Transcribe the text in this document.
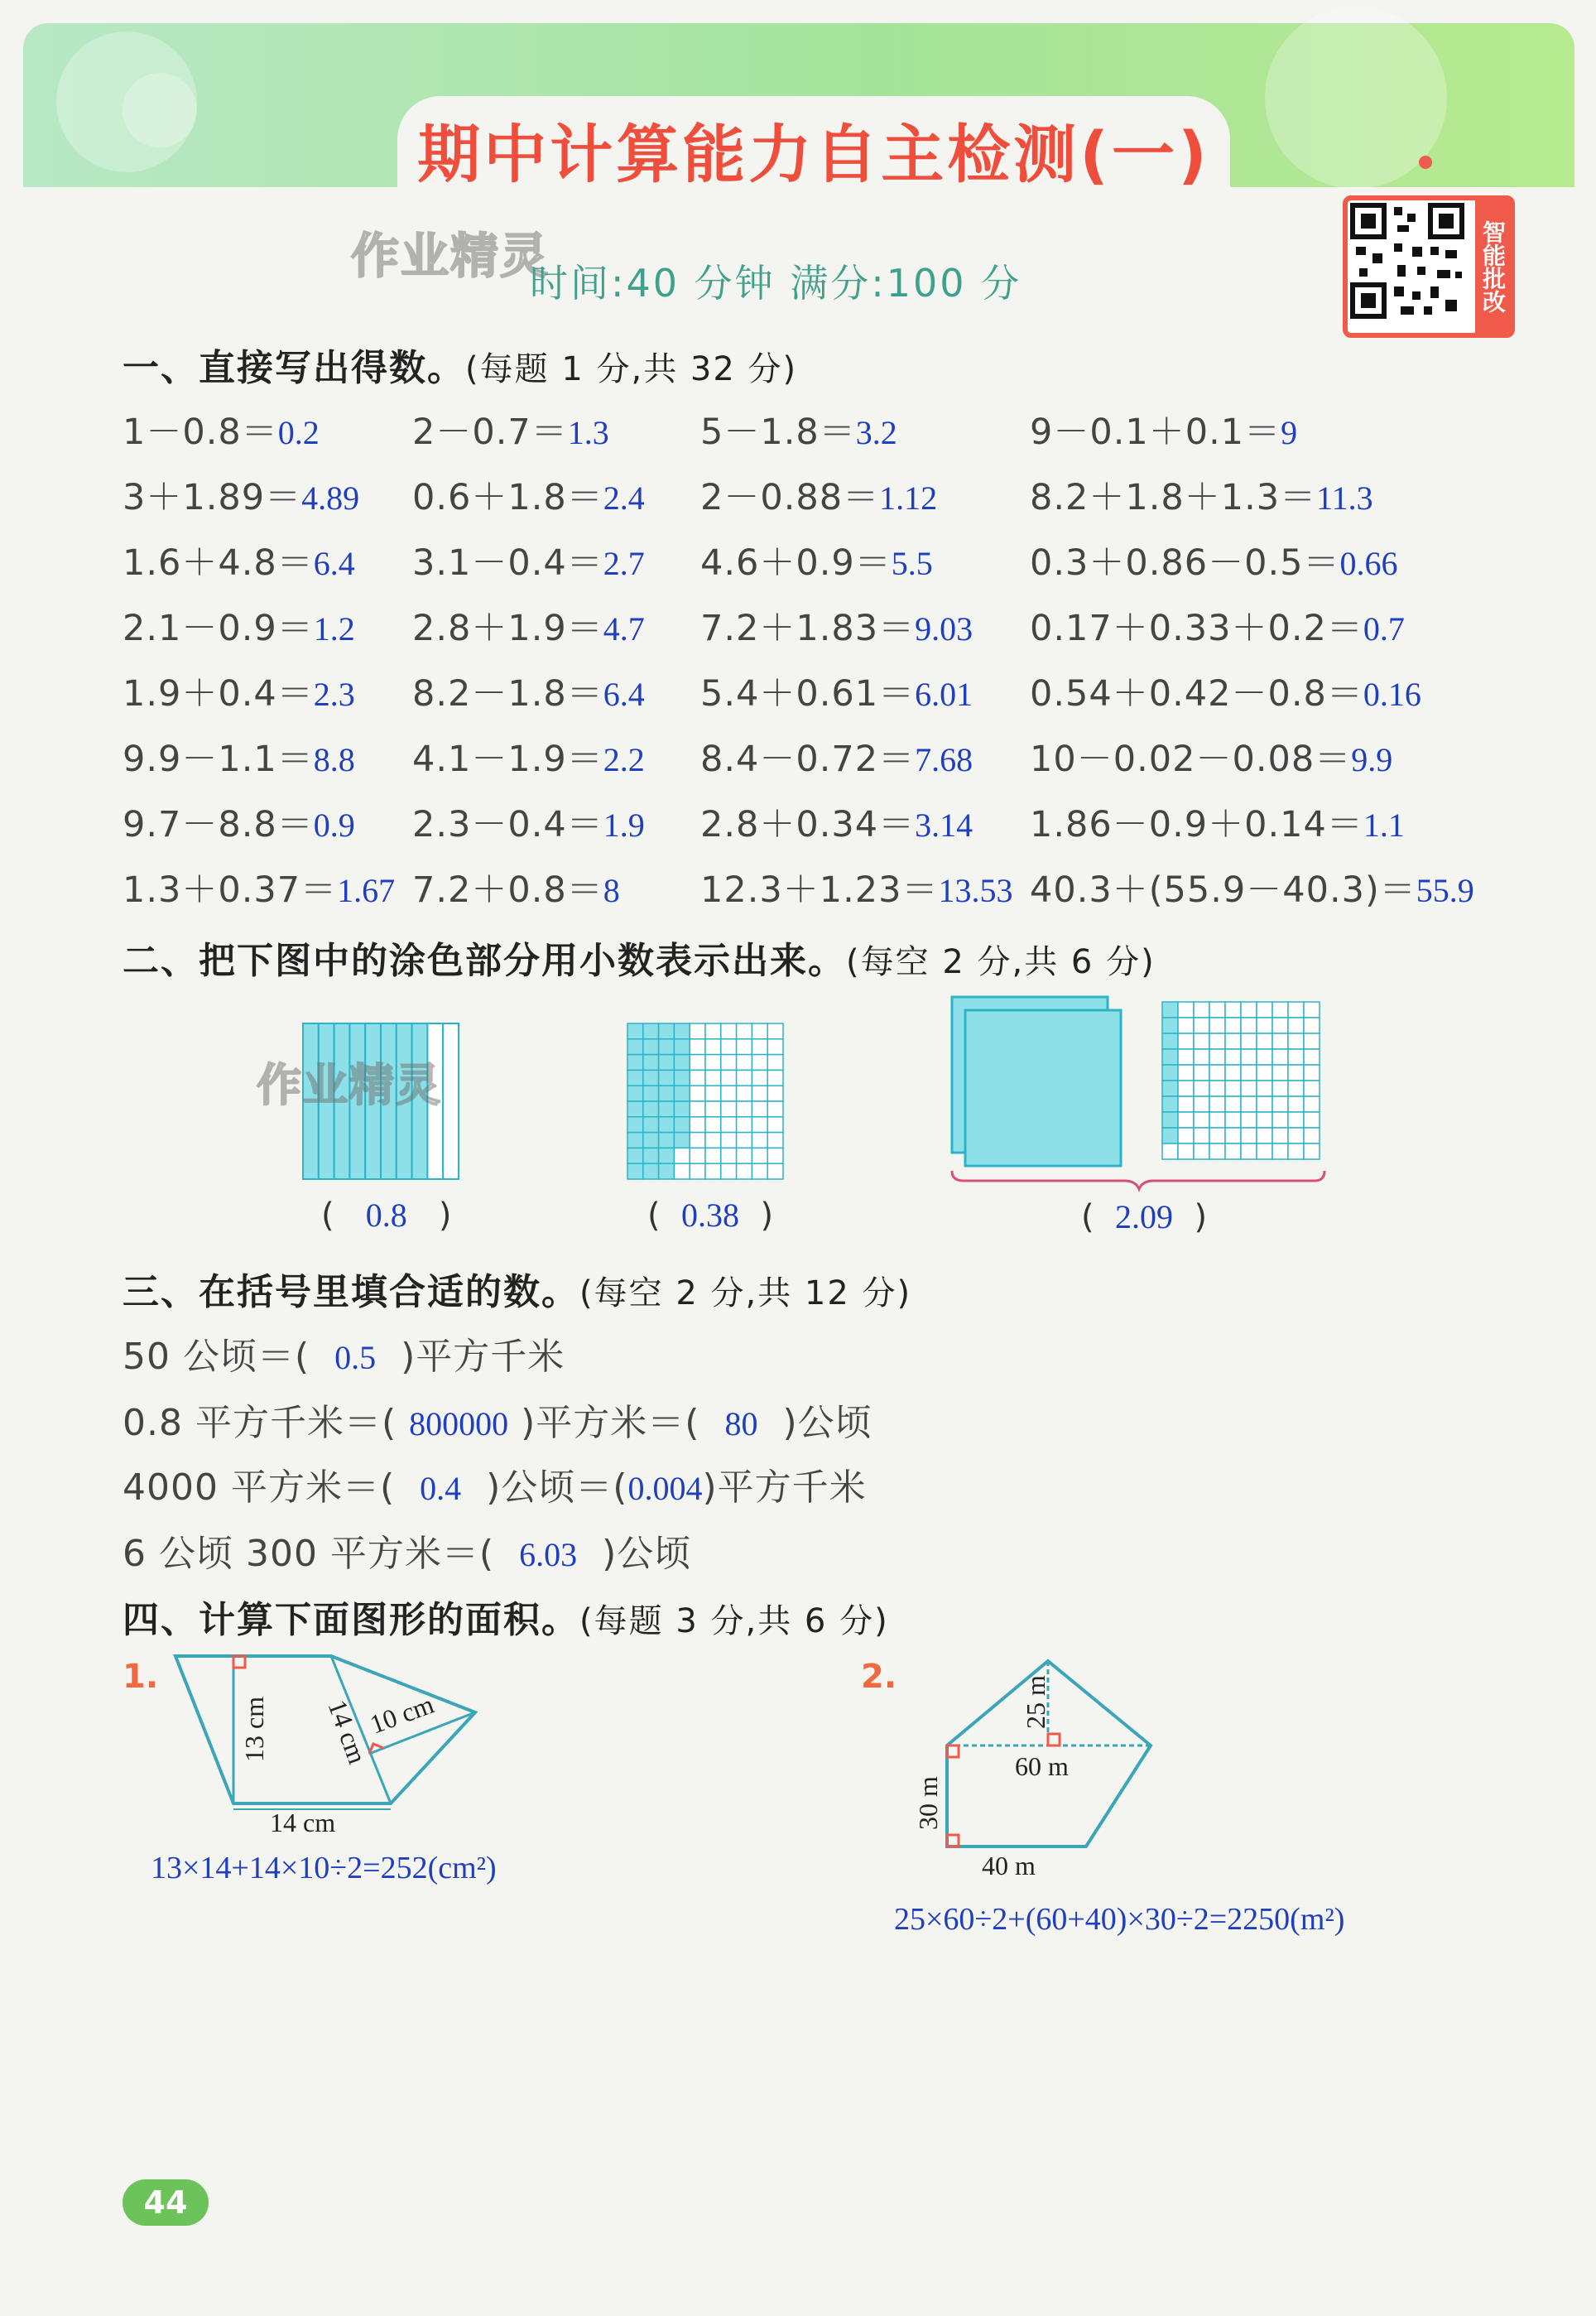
期中计算能力自主检测(一)
作业精灵
时间:40 分钟 满分:100 分	智能批改
一、直接写出得数。(每题 1 分,共 32 分)
1－0.8＝0.2	2－0.7＝1.3	5－1.8＝3.2	9－0.1＋0.1＝9
3＋1.89＝4.89 0.6＋1.8＝2.4 2－0.88＝1.12	8.2＋1.8＋1.3＝11.3
1.6＋4.8＝6.4 3.1－0.4＝2.7 4.6＋0.9＝5.5	0.3＋0.86－0.5＝0.66
2.1－0.9＝1.2 2.8＋1.9＝4.7 7.2＋1.83＝9.03 0.17＋0.33＋0.2＝0.7
1.9＋0.4＝2.3 8.2－1.8＝6.4 5.4＋0.61＝6.01 0.54＋0.42－0.8＝0.16
9.9－1.1＝8.8 4.1－1.9＝2.2 8.4－0.72＝7.68 10－0.02－0.08＝9.9
9.7－8.8＝0.9 2.3－0.4＝1.9 2.8＋0.34＝3.14 1.86－0.9＋0.14＝1.1
1.3＋0.37＝1.67 7.2＋0.8＝8 12.3＋1.23＝13.53 40.3＋(55.9－40.3)＝55.9
二、把下图中的涂色部分用小数表示出来。(每空 2 分,共 6 分)
作业精灵
( 0.8 )	( 0.38 )	( 2.09 )
三、在括号里填合适的数。(每空 2 分,共 12 分)
50 公顷＝( 0.5 )平方千米
0.8 平方千米＝( 800000 )平方米＝( 80 )公顷
4000 平方米＝( 0.4 )公顷＝(0.004)平方千米
6 公顷 300 平方米＝( 6.03 )公顷
四、计算下面图形的面积。(每题 3 分,共 6 分)
1.	2.
13 cm 14 cm
10 cm
14 cm
25 m
60 m
30 m
40 m
13×14+14×10÷2=252(cm²)
25×60÷2+(60+40)×30÷2=2250(m²)
44
